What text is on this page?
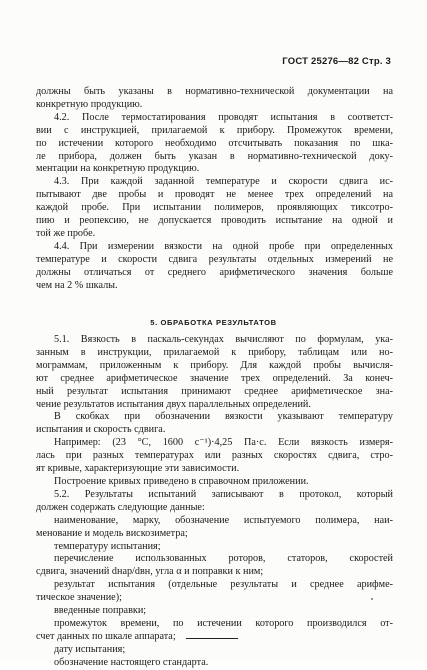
ГОСТ 25276—82 Стр. 3
должны быть указаны в нормативно-технической документации на
конкретную продукцию.
4.2. После термостатирования проводят испытания в соответст-
вии с инструкцией, прилагаемой к прибору. Промежуток времени,
по истечении которого необходимо отсчитывать показания по шка-
ле прибора, должен быть указан в нормативно-технической доку-
ментации на конкретную продукцию.
4.3. При каждой заданной температуре и скорости сдвига ис-
пытывают две пробы и проводят не менее трех определений на
каждой пробе. При испытании полимеров, проявляющих тиксотро-
пию и реопексию, не допускается проводить испытание на одной и
той же пробе.
4.4. При измерении вязкости на одной пробе при определенных
температуре и скорости сдвига результаты отдельных измерений не
должны отличаться от среднего арифметического значения больше
чем на 2 % шкалы.
5. ОБРАБОТКА РЕЗУЛЬТАТОВ
5.1. Вязкость в паскаль-секундах вычисляют по формулам, ука-
занным в инструкции, прилагаемой к прибору, таблицам или но-
мограммам, приложенным к прибору. Для каждой пробы вычисля-
ют среднее арифметическое значение трех определений. За конеч-
ный результат испытания принимают среднее арифметическое зна-
чение результатов испытания двух параллельных определений.
В скобках при обозначении вязкости указывают температуру
испытания и скорость сдвига.
Например: (23 °С, 1600 с⁻¹)·4,25 Па·с. Если вязкость измеря-
лась при разных температурах или разных скоростях сдвига, стро-
ят кривые, характеризующие эти зависимости.
Построение кривых приведено в справочном приложении.
5.2. Результаты испытаний записывают в протокол, который
должен содержать следующие данные:
наименование, марку, обозначение испытуемого полимера, наи-
менование и модель вискозиметра;
температуру испытания;
перечисление использованных роторов, статоров, скоростей
сдвига, значений dнар/dвн, угла α и поправки к ним;
результат испытания (отдельные результаты и среднее арифме-
тическое значение);
введенные поправки;
промежуток времени, по истечении которого производился от-
счет данных по шкале аппарата;
дату испытания;
обозначение настоящего стандарта.
